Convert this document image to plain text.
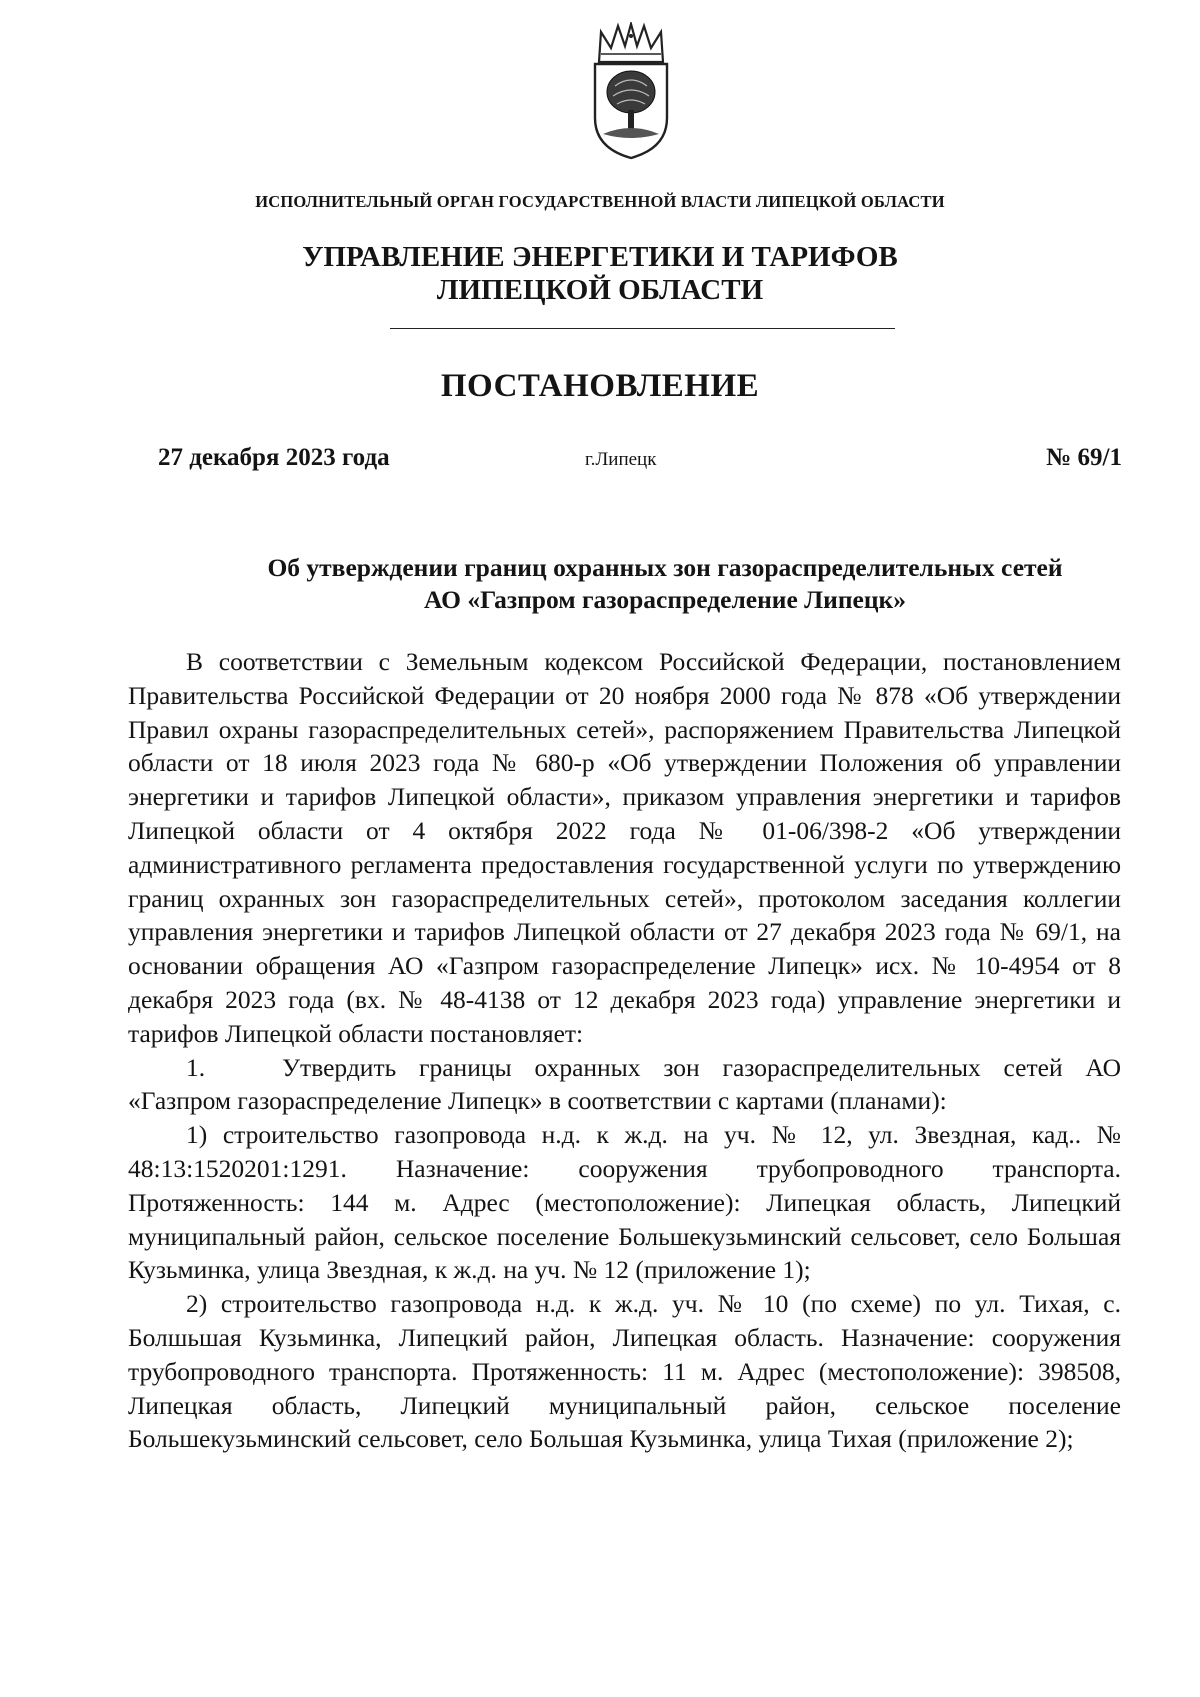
ИСПОЛНИТЕЛЬНЫЙ ОРГАН ГОСУДАРСТВЕННОЙ ВЛАСТИ ЛИПЕЦКОЙ ОБЛАСТИ
УПРАВЛЕНИЕ ЭНЕРГЕТИКИ И ТАРИФОВ
ЛИПЕЦКОЙ ОБЛАСТИ
ПОСТАНОВЛЕНИЕ
27 декабря 2023 года	г.Липецк	№ 69/1
Об утверждении границ охранных зон газораспределительных сетей
АО «Газпром газораспределение Липецк»

В соответствии с Земельным кодексом Российской Федерации, постановлением Правительства Российской Федерации от 20 ноября 2000 года № 878 «Об утверждении Правил охраны газораспределительных сетей», распоряжением Правительства Липецкой области от 18 июля 2023 года № 680-р «Об утверждении Положения об управлении энергетики и тарифов Липецкой области», приказом управления энергетики и тарифов Липецкой области от 4 октября 2022 года № 01-06/398-2 «Об утверждении административного регламента предоставления государственной услуги по утверждению границ охранных зон газораспределительных сетей», протоколом заседания коллегии управления энергетики и тарифов Липецкой области от 27 декабря 2023 года № 69/1, на основании обращения АО «Газпром газораспределение Липецк» исх. № 10-4954 от 8 декабря 2023 года (вх. № 48-4138 от 12 декабря 2023 года) управление энергетики и тарифов Липецкой области постановляет:

1.	Утвердить границы охранных зон газораспределительных сетей АО «Газпром газораспределение Липецк» в соответствии с картами (планами):

1) строительство газопровода н.д. к ж.д. на уч. № 12, ул. Звездная, кад.. № 48:13:1520201:1291. Назначение: сооружения трубопроводного транспорта. Протяженность: 144 м. Адрес (местоположение): Липецкая область, Липецкий муниципальный район, сельское поселение Большекузьминский сельсовет, село Большая Кузьминка, улица Звездная, к ж.д. на уч. № 12 (приложение 1);

2) строительство газопровода н.д. к ж.д. уч. № 10 (по схеме) по ул. Тихая, с. Болшьшая Кузьминка, Липецкий район, Липецкая область. Назначение: сооружения трубопроводного транспорта. Протяженность: 11 м. Адрес (местоположение): 398508, Липецкая область, Липецкий муниципальный район, сельское поселение Большекузьминский сельсовет, село Большая Кузьминка, улица Тихая (приложение 2);
